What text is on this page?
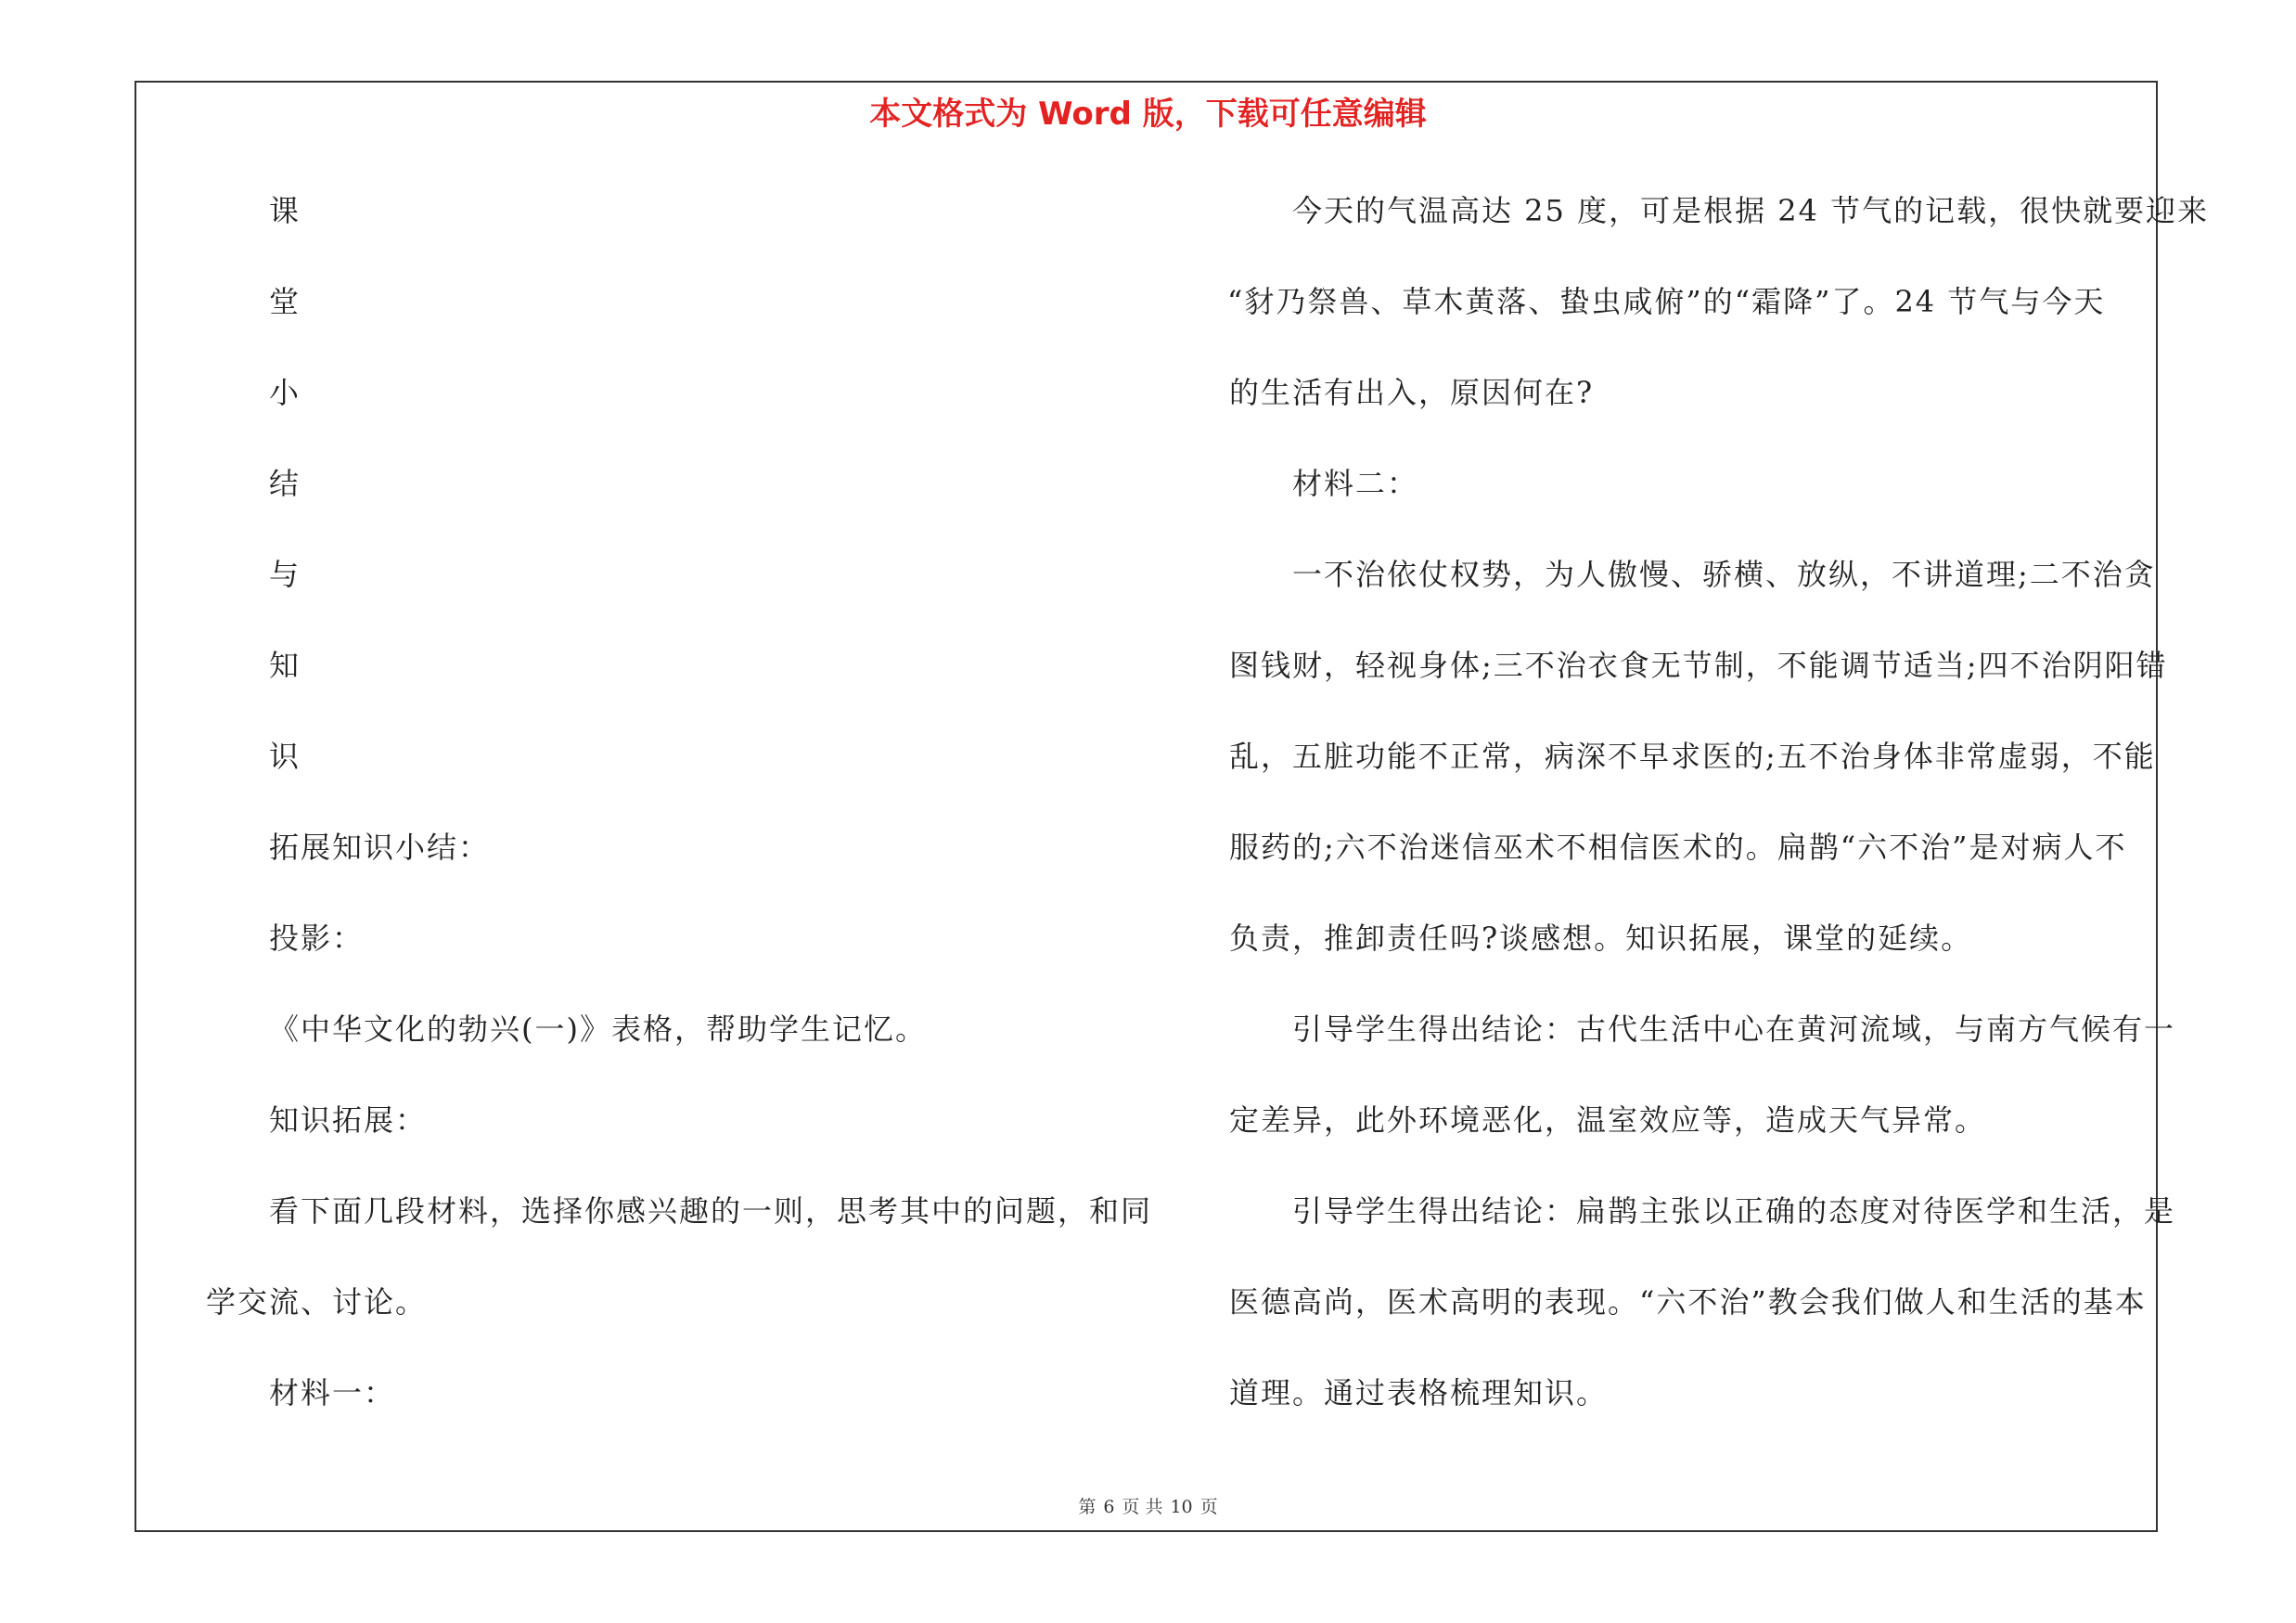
本文格式为 Word 版，下载可任意编辑
课
堂
小
结
与
知
识
拓展知识小结：
投影：
《中华文化的勃兴(一)》表格，帮助学生记忆。
知识拓展：
看下面几段材料，选择你感兴趣的一则，思考其中的问题，和同
学交流、讨论。
材料一：
今天的气温高达 25 度，可是根据 24 节气的记载，很快就要迎来
“豺乃祭兽、草木黄落、蛰虫咸俯”的“霜降”了。24 节气与今天
的生活有出入，原因何在?
材料二：
一不治依仗权势，为人傲慢、骄横、放纵，不讲道理;二不治贪
图钱财，轻视身体;三不治衣食无节制，不能调节适当;四不治阴阳错
乱，五脏功能不正常，病深不早求医的;五不治身体非常虚弱，不能
服药的;六不治迷信巫术不相信医术的。扁鹊“六不治”是对病人不
负责，推卸责任吗?谈感想。知识拓展，课堂的延续。
引导学生得出结论：古代生活中心在黄河流域，与南方气候有一
定差异，此外环境恶化，温室效应等，造成天气异常。
引导学生得出结论：扁鹊主张以正确的态度对待医学和生活，是
医德高尚，医术高明的表现。“六不治”教会我们做人和生活的基本
道理。通过表格梳理知识。
第 6 页 共 10 页
